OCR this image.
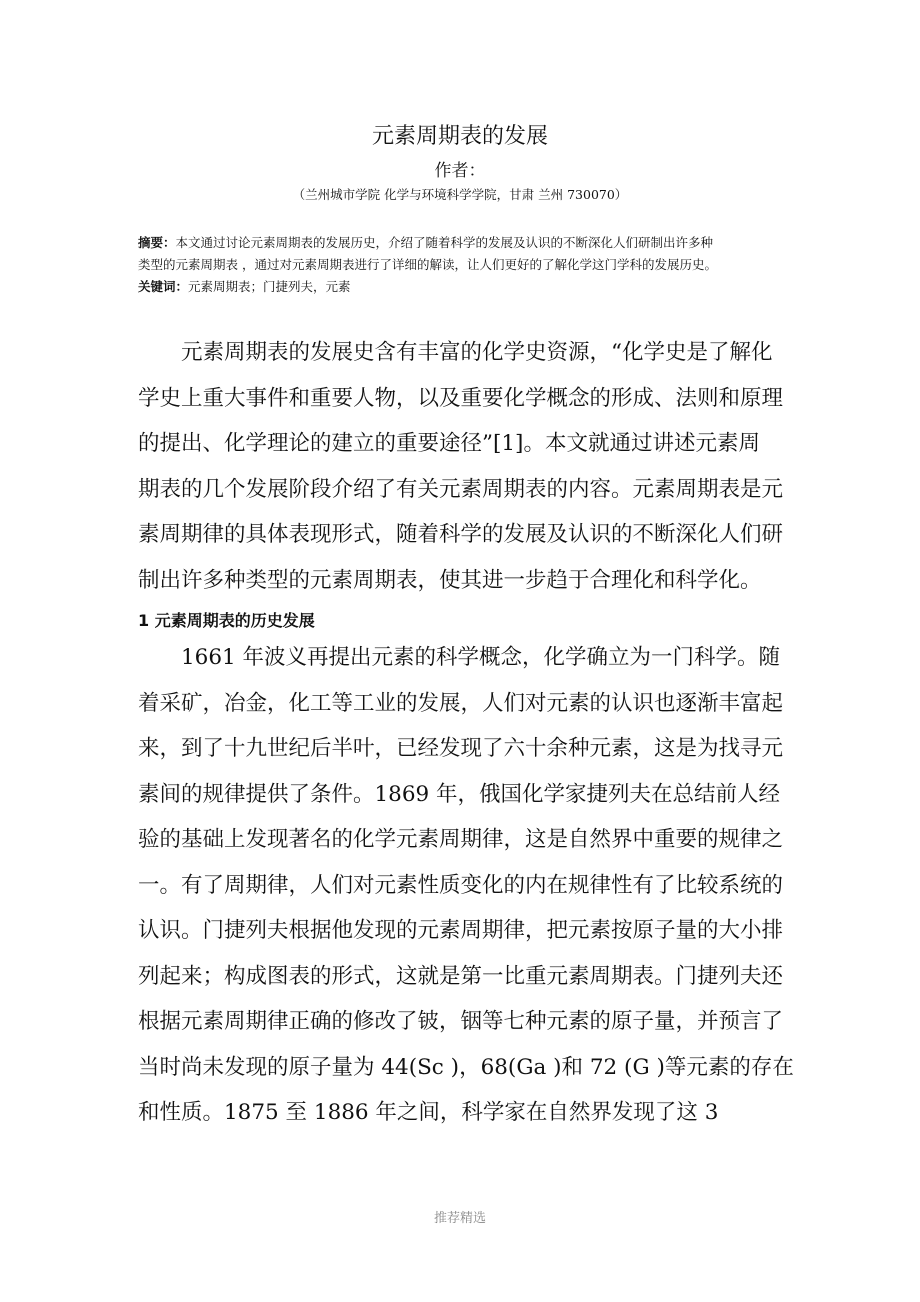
元素周期表的发展
作者：
（兰州城市学院 化学与环境科学学院，甘肃 兰州 730070）
摘要：本文通过讨论元素周期表的发展历史，介绍了随着科学的发展及认识的不断深化人们研制出许多种
类型的元素周期表 ，通过对元素周期表进行了详细的解读，让人们更好的了解化学这门学科的发展历史。
关键词：元素周期表；门捷列夫，元素

元素周期表的发展史含有丰富的化学史资源，“化学史是了解化
学史上重大事件和重要人物，以及重要化学概念的形成、法则和原理
的提出、化学理论的建立的重要途径”[1]。本文就通过讲述元素周
期表的几个发展阶段介绍了有关元素周期表的内容。元素周期表是元
素周期律的具体表现形式，随着科学的发展及认识的不断深化人们研
制出许多种类型的元素周期表，使其进一步趋于合理化和科学化。

1 元素周期表的历史发展

1661 年波义再提出元素的科学概念，化学确立为一门科学。随
着采矿，冶金，化工等工业的发展，人们对元素的认识也逐渐丰富起
来，到了十九世纪后半叶，已经发现了六十余种元素，这是为找寻元
素间的规律提供了条件。1869 年，俄国化学家捷列夫在总结前人经
验的基础上发现著名的化学元素周期律，这是自然界中重要的规律之
一。有了周期律，人们对元素性质变化的内在规律性有了比较系统的
认识。门捷列夫根据他发现的元素周期律，把元素按原子量的大小排
列起来；构成图表的形式，这就是第一比重元素周期表。门捷列夫还
根据元素周期律正确的修改了铍，铟等七种元素的原子量，并预言了
当时尚未发现的原子量为 44(Sc )，68(Ga )和 72 (G )等元素的存在
和性质。1875 至 1886 年之间，科学家在自然界发现了这 3

推荐精选
